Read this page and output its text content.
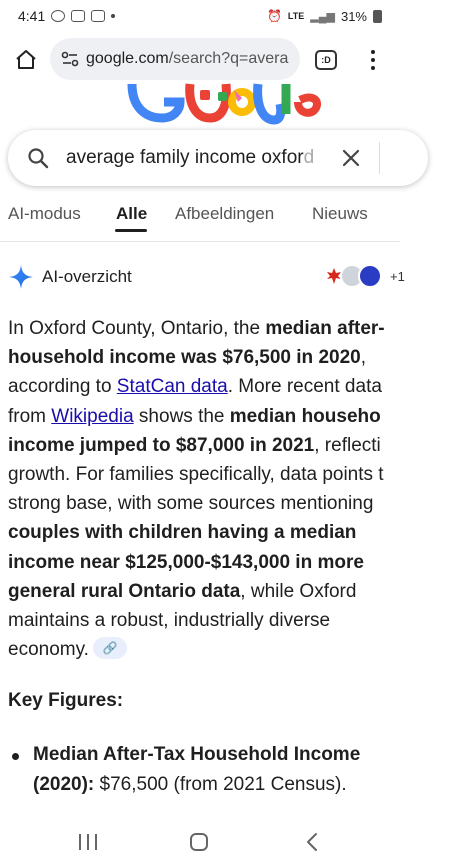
4:41	⏰ LTE ▂▄▆ 31%
google.com/search?q=avera	:D
average family income oxford
AI-modus Alle Afbeeldingen Nieuws
AI-overzicht	+1
In Oxford County, Ontario, the median after-
household income was $76,500 in 2020,
according to StatCan data. More recent data
from Wikipedia shows the median househo
income jumped to $87,000 in 2021, reflecti
growth. For families specifically, data points t
strong base, with some sources mentioning
couples with children having a median
income near $125,000-$143,000 in more
general rural Ontario data, while Oxford
maintains a robust, industrially diverse
economy. 🔗
Key Figures:
Median After-Tax Household Income
(2020): $76,500 (from 2021 Census).
